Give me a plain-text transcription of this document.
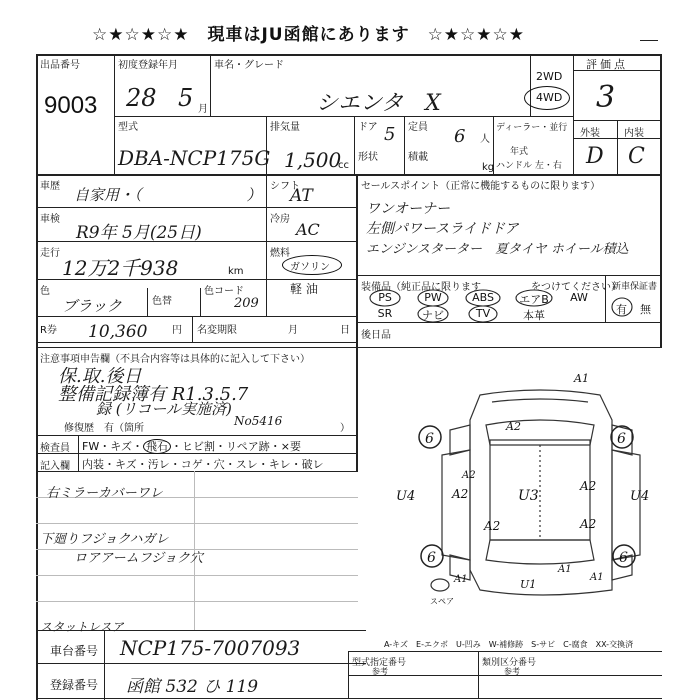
☆★☆★☆★　現車はJU函館にあります　☆★☆★☆★
出品番号
9003
初度登録年月
28 5 月
車名・グレード
シエンタ　X
2WD
4WD
評価点
3
外装 内装
D C
型式
DBA-NCP175G
排気量
1,500
cc
ドア 5
形状
定員 6 人
積載
kg
ディーラー・並行
年式
ハンドル 左・右
車歴 自家用・（　　　　　　　） シフト
AT
車検
R9年 5月(25日)
冷房
AC
走行
12万2千938	km
燃料
ガソリン
軽 油
色
ブラック	色替
色コード
209
R券 10,360 円 名変期限	月	日
セールスポイント（正常に機能するものに限ります）
ワンオーナー
左側パワースライドドア
エンジンスターター　夏タイヤ ホイール積込
装備品（純正品に限ります　　　　　をつけてください）
PS	PW	ABS	エアB	AW
SR	ナビ	TV	本革
新車保証書
有 無
後日品
注意事項申告欄（不具合内容等は具体的に記入して下さい）
保.取.後日
整備記録簿有 R1.3.5.7
録 (リコール実施済)
No5416
修復歴　有（箇所	）
検査員 FW・キズ・ 飛石 ・ヒビ割・リペア跡・×要
記入欄 内装・キズ・汚レ・コゲ・穴・スレ・キレ・破レ
右ミラーカバーワレ
下廻りフジョクハガレ
ロアアームフジョク穴
スタットレスア
車台番号 NCP175-7007093
登録番号 函館 532 ひ 119
型式指定番号	類別区分番号
参考	参考
A1
6	6
6	6
U4	A2
A2
U3
A2
A2	A2
A2
U4
A1
A1
U1
A1
スペア
A-キズ　E-エクボ　U-凹み　W-補修跡　S-サビ　C-腐食　XX-交換済
